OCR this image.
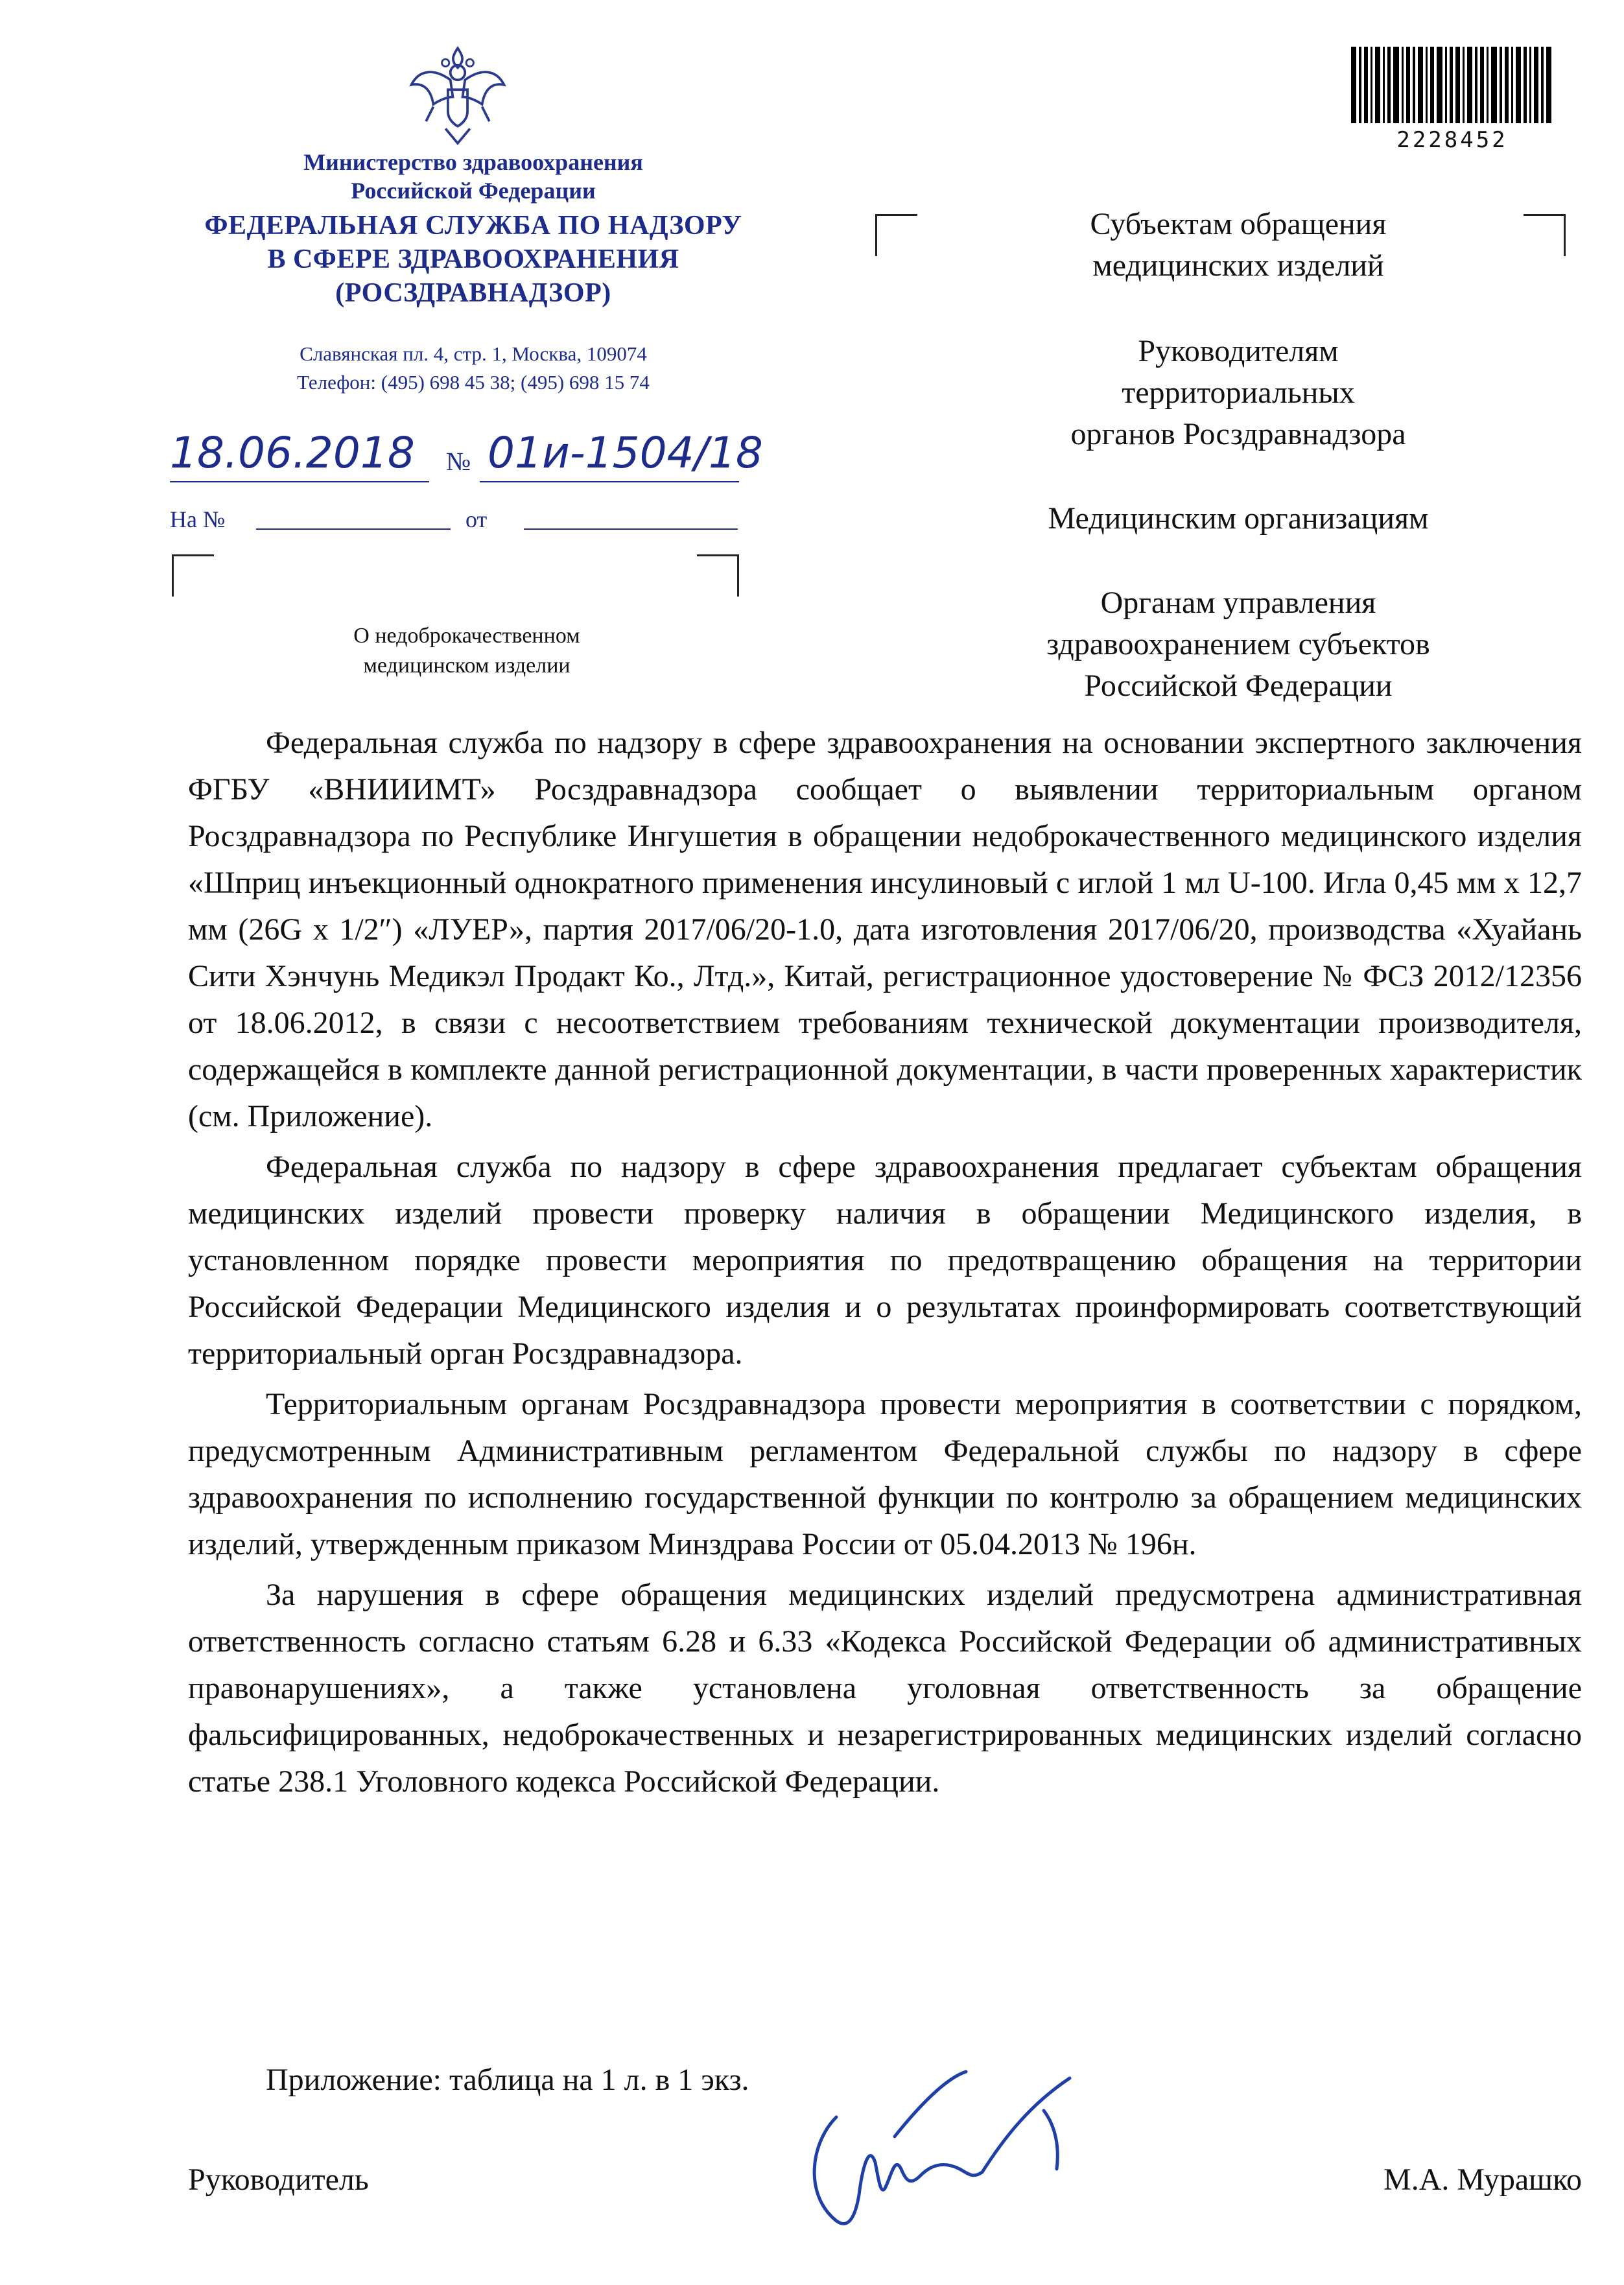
Министерство здравоохранения
Российской Федерации
ФЕДЕРАЛЬНАЯ СЛУЖБА ПО НАДЗОРУ
В СФЕРЕ ЗДРАВООХРАНЕНИЯ
(РОСЗДРАВНАДЗОР)
Славянская пл. 4, стр. 1, Москва, 109074
Телефон: (495) 698 45 38; (495) 698 15 74
18.06.2018 № 01и-1504/18
На №	от
О недоброкачественном
медицинском изделии
2228452
Субъектам обращения
медицинских изделий
Руководителям
территориальных
органов Росздравнадзора
Медицинским организациям
Органам управления
здравоохранением субъектов
Российской Федерации

Федеральная служба по надзору в сфере здравоохранения на основании экспертного заключения ФГБУ «ВНИИИМТ» Росздравнадзора сообщает о выявлении территориальным органом Росздравнадзора по Республике Ингушетия в обращении недоброкачественного медицинского изделия «Шприц инъекционный однократного применения инсулиновый с иглой 1 мл U-100. Игла 0,45 мм x 12,7 мм (26G x 1/2″) «ЛУЕР», партия 2017/06/20-1.0, дата изготовления 2017/06/20, производства «Хуайань Сити Хэнчунь Медикэл Продакт Ко., Лтд.», Китай, регистрационное удостоверение № ФСЗ 2012/12356 от 18.06.2012, в связи с несоответствием требованиям технической документации производителя, содержащейся в комплекте данной регистрационной документации, в части проверенных характеристик (см. Приложение).

Федеральная служба по надзору в сфере здравоохранения предлагает субъектам обращения медицинских изделий провести проверку наличия в обращении Медицинского изделия, в установленном порядке провести мероприятия по предотвращению обращения на территории Российской Федерации Медицинского изделия и о результатах проинформировать соответствующий территориальный орган Росздравнадзора.

Территориальным органам Росздравнадзора провести мероприятия в соответствии с порядком, предусмотренным Административным регламентом Федеральной службы по надзору в сфере здравоохранения по исполнению государственной функции по контролю за обращением медицинских изделий, утвержденным приказом Минздрава России от 05.04.2013 № 196н.

За нарушения в сфере обращения медицинских изделий предусмотрена административная ответственность согласно статьям 6.28 и 6.33 «Кодекса Российской Федерации об административных правонарушениях», а также установлена уголовная ответственность за обращение фальсифицированных, недоброкачественных и незарегистрированных медицинских изделий согласно статье 238.1 Уголовного кодекса Российской Федерации.

Приложение: таблица на 1 л. в 1 экз.
Руководитель	М.А. Мурашко
